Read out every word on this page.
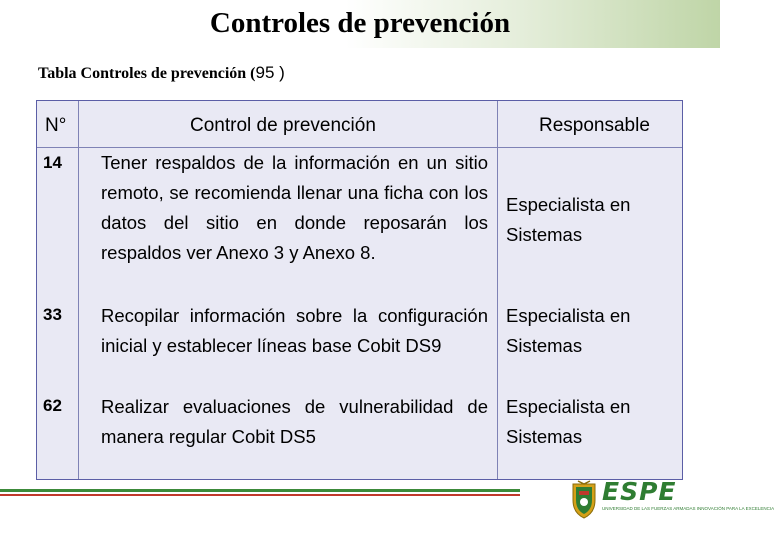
Controles de prevención
Tabla Controles de prevención (95 )
N°	Control de prevención	Responsable
14 Tener respaldos de la información en un sitio remoto, se recomienda llenar una ficha con los datos del sitio en donde reposarán los respaldos ver Anexo 3 y Anexo 8.
Especialista en Sistemas
33 Recopilar información sobre la configuración inicial y establecer líneas base Cobit DS9
Especialista en Sistemas
62 Realizar evaluaciones de vulnerabilidad de manera regular Cobit DS5
Especialista en Sistemas
ESPE
UNIVERSIDAD DE LAS FUERZAS ARMADAS INNOVACIÓN PARA LA EXCELENCIA
